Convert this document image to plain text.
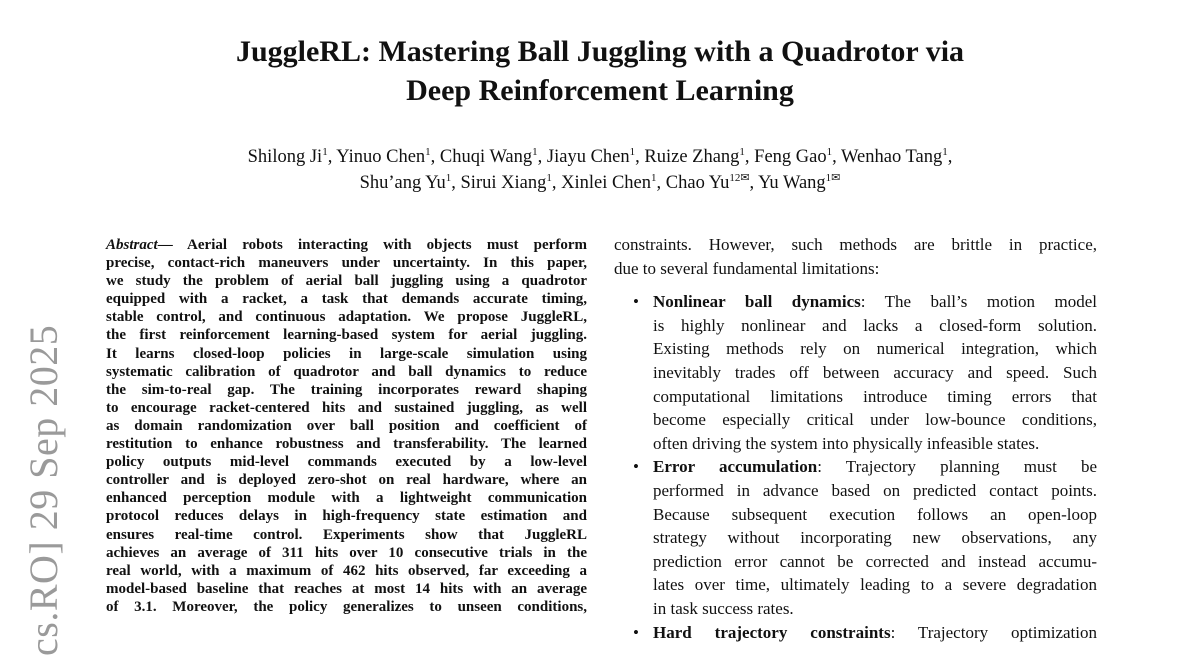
cs.RO] 29 Sep 2025
JuggleRL: Mastering Ball Juggling with a Quadrotor via
Deep Reinforcement Learning
Shilong Ji$^1$, Yinuo Chen$^1$, Chuqi Wang$^1$, Jiayu Chen$^1$, Ruize Zhang$^1$, Feng Gao$^1$, Wenhao Tang$^1$,
Shu’ang Yu$^1$, Sirui Xiang$^1$, Xinlei Chen$^1$, Chao $Yu^{12✉}$, Yu Wang$^{1✉}$
Abstract— Aerial robots interacting with objects must perform
precise, contact-rich maneuvers under uncertainty. In this paper,
we study the problem of aerial ball juggling using a quadrotor
equipped with a racket, a task that demands accurate timing,
stable control, and continuous adaptation. We propose JuggleRL,
the first reinforcement learning-based system for aerial juggling.
It learns closed-loop policies in large-scale simulation using
systematic calibration of quadrotor and ball dynamics to reduce
the sim-to-real gap. The training incorporates reward shaping
to encourage racket-centered hits and sustained juggling, as well
as domain randomization over ball position and coefficient of
restitution to enhance robustness and transferability. The learned
policy outputs mid-level commands executed by a low-level
controller and is deployed zero-shot on real hardware, where an
enhanced perception module with a lightweight communication
protocol reduces delays in high-frequency state estimation and
ensures real-time control. Experiments show that JuggleRL
achieves an average of 311 hits over 10 consecutive trials in the
real world, with a maximum of 462 hits observed, far exceeding a
model-based baseline that reaches at most 14 hits with an average
of 3.1. Moreover, the policy generalizes to unseen conditions,
constraints. However, such methods are brittle in practice,
due to several fundamental limitations:
• Nonlinear ball dynamics: The ball’s motion model
is highly nonlinear and lacks a closed-form solution.
Existing methods rely on numerical integration, which
inevitably trades off between accuracy and speed. Such
computational limitations introduce timing errors that
become especially critical under low-bounce conditions,
often driving the system into physically infeasible states.
• Error accumulation: Trajectory planning must be
performed in advance based on predicted contact points.
Because subsequent execution follows an open-loop
strategy without incorporating new observations, any
prediction error cannot be corrected and instead accumu-
lates over time, ultimately leading to a severe degradation
in task success rates.
• Hard trajectory constraints: Trajectory optimization
